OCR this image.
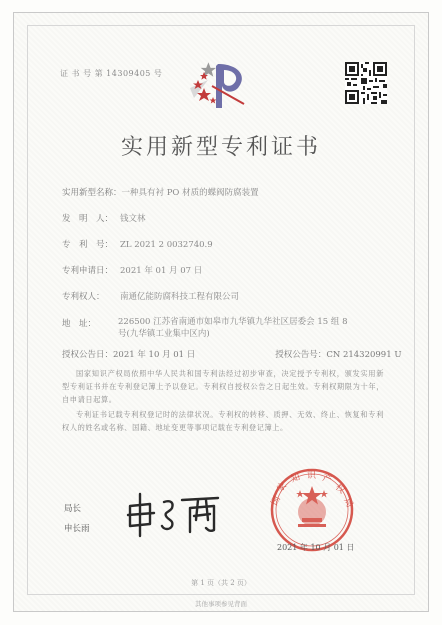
证 书 号 第 14309405 号
实用新型专利证书
实用新型名称：一种具有衬 PO 材质的蝶阀防腐装置
发　明　人： 钱文林
专　利　号： ZL 2021 2 0032740.9
专利申请日： 2021 年 01 月 07 日
专利权人： 南通亿能防腐科技工程有限公司
地　址：	226500 江苏省南通市如皋市九华镇九华社区居委会 15 组 8 号(九华镇工业集中区内)
授权公告日：2021 年 10 月 01 日	授权公告号：CN 214320991 U
国家知识产权局依照中华人民共和国专利法经过初步审查，决定授予专利权，颁发实用新型专利证书并在专利登记簿上予以登记。专利权自授权公告之日起生效。专利权期限为十年，自申请日起算。
专利证书记载专利权登记时的法律状况。专利权的转移、质押、无效、终止、恢复和专利权人的姓名或名称、国籍、地址变更等事项记载在专利登记簿上。
局长
申长雨
国
家
知 识 产
权
局
2021 年 10 月 01 日
第 1 页（共 2 页）
其他事项参见背面
